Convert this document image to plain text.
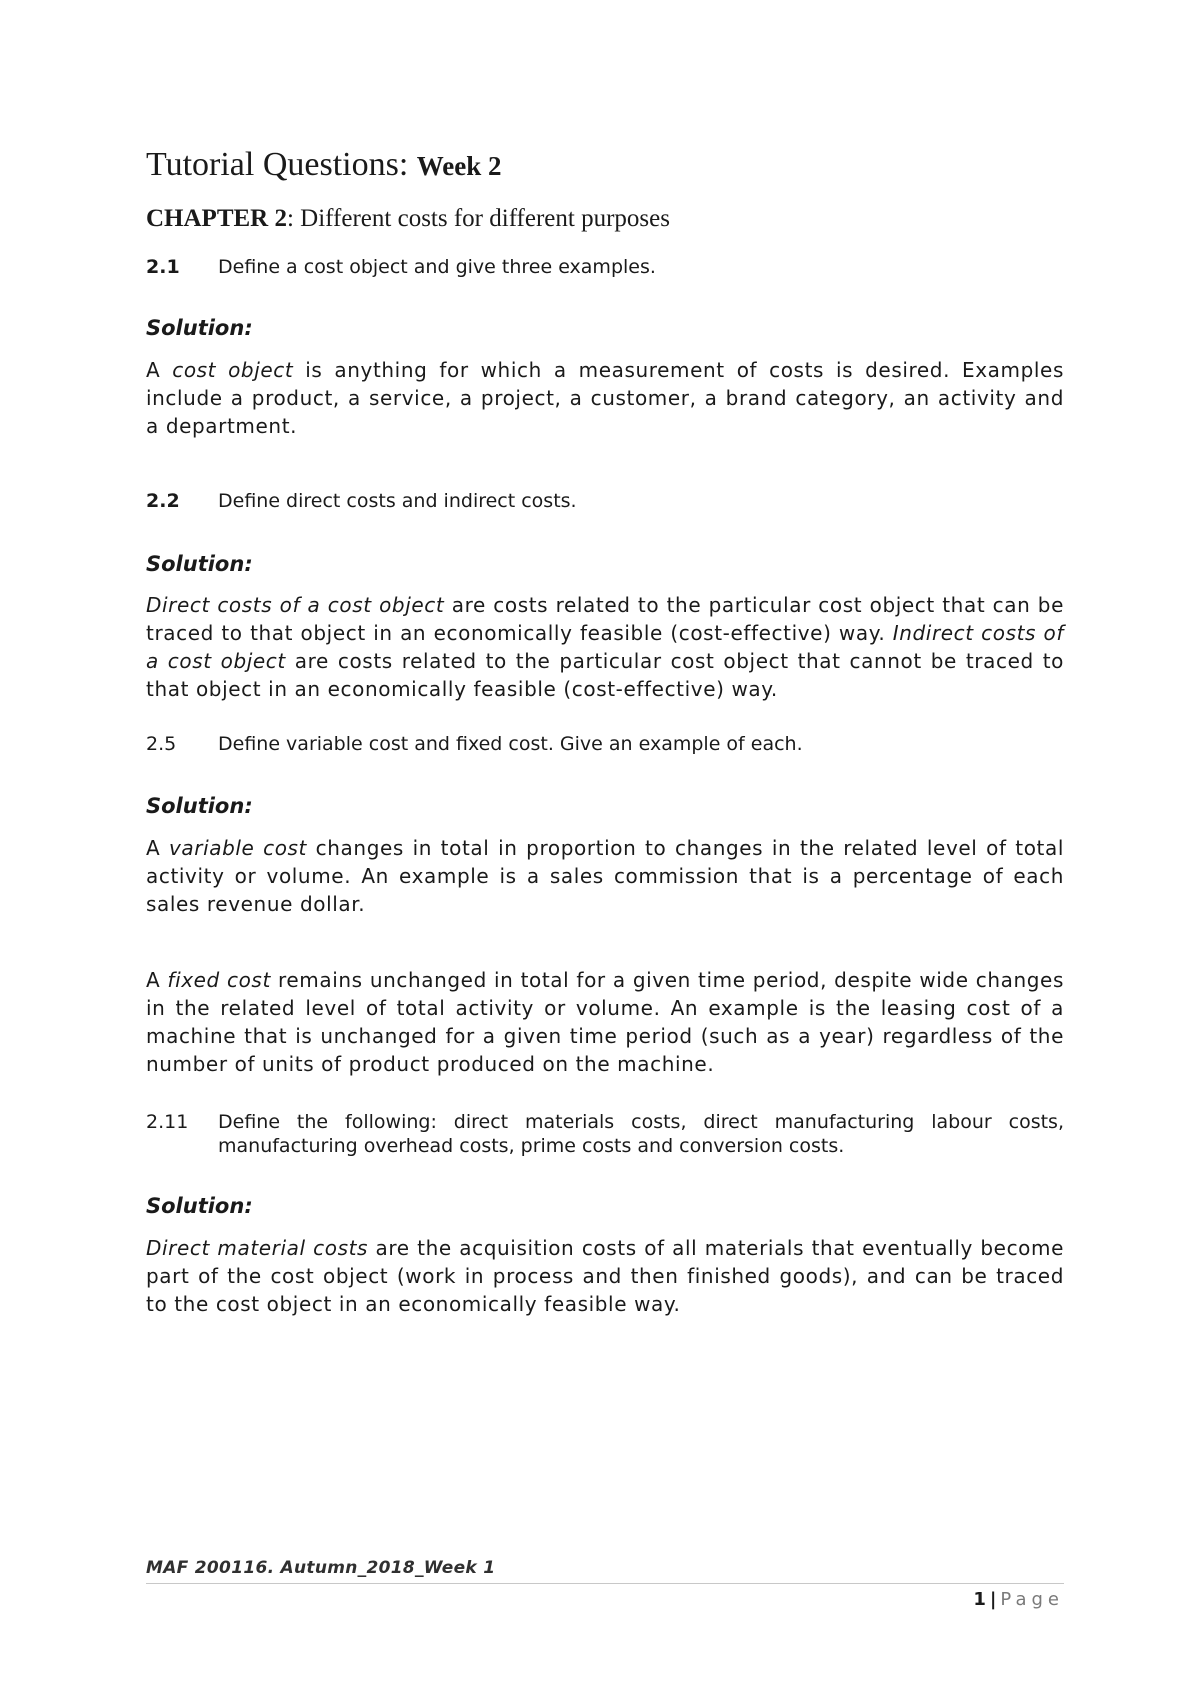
Tutorial Questions: Week 2
CHAPTER 2: Different costs for different purposes
2.1	Define a cost object and give three examples.

Solution:

A cost object is anything for which a measurement of costs is desired. Examples include a product, a service, a project, a customer, a brand category, an activity and a department.

2.2	Define direct costs and indirect costs.

Solution:

Direct costs of a cost object are costs related to the particular cost object that can be traced to that object in an economically feasible (cost-effective) way. Indirect costs of a cost object are costs related to the particular cost object that cannot be traced to that object in an economically feasible (cost-effective) way.

2.5	Define variable cost and fixed cost. Give an example of each.

Solution:

A variable cost changes in total in proportion to changes in the related level of total activity or volume. An example is a sales commission that is a percentage of each sales revenue dollar.

A fixed cost remains unchanged in total for a given time period, despite wide changes in the related level of total activity or volume. An example is the leasing cost of a machine that is unchanged for a given time period (such as a year) regardless of the number of units of product produced on the machine.

2.11	Define the following: direct materials costs, direct manufacturing labour costs, manufacturing overhead costs, prime costs and conversion costs.

Solution:

Direct material costs are the acquisition costs of all materials that eventually become part of the cost object (work in process and then finished goods), and can be traced to the cost object in an economically feasible way.

MAF 200116. Autumn_2018_Week 1

1 | Page
